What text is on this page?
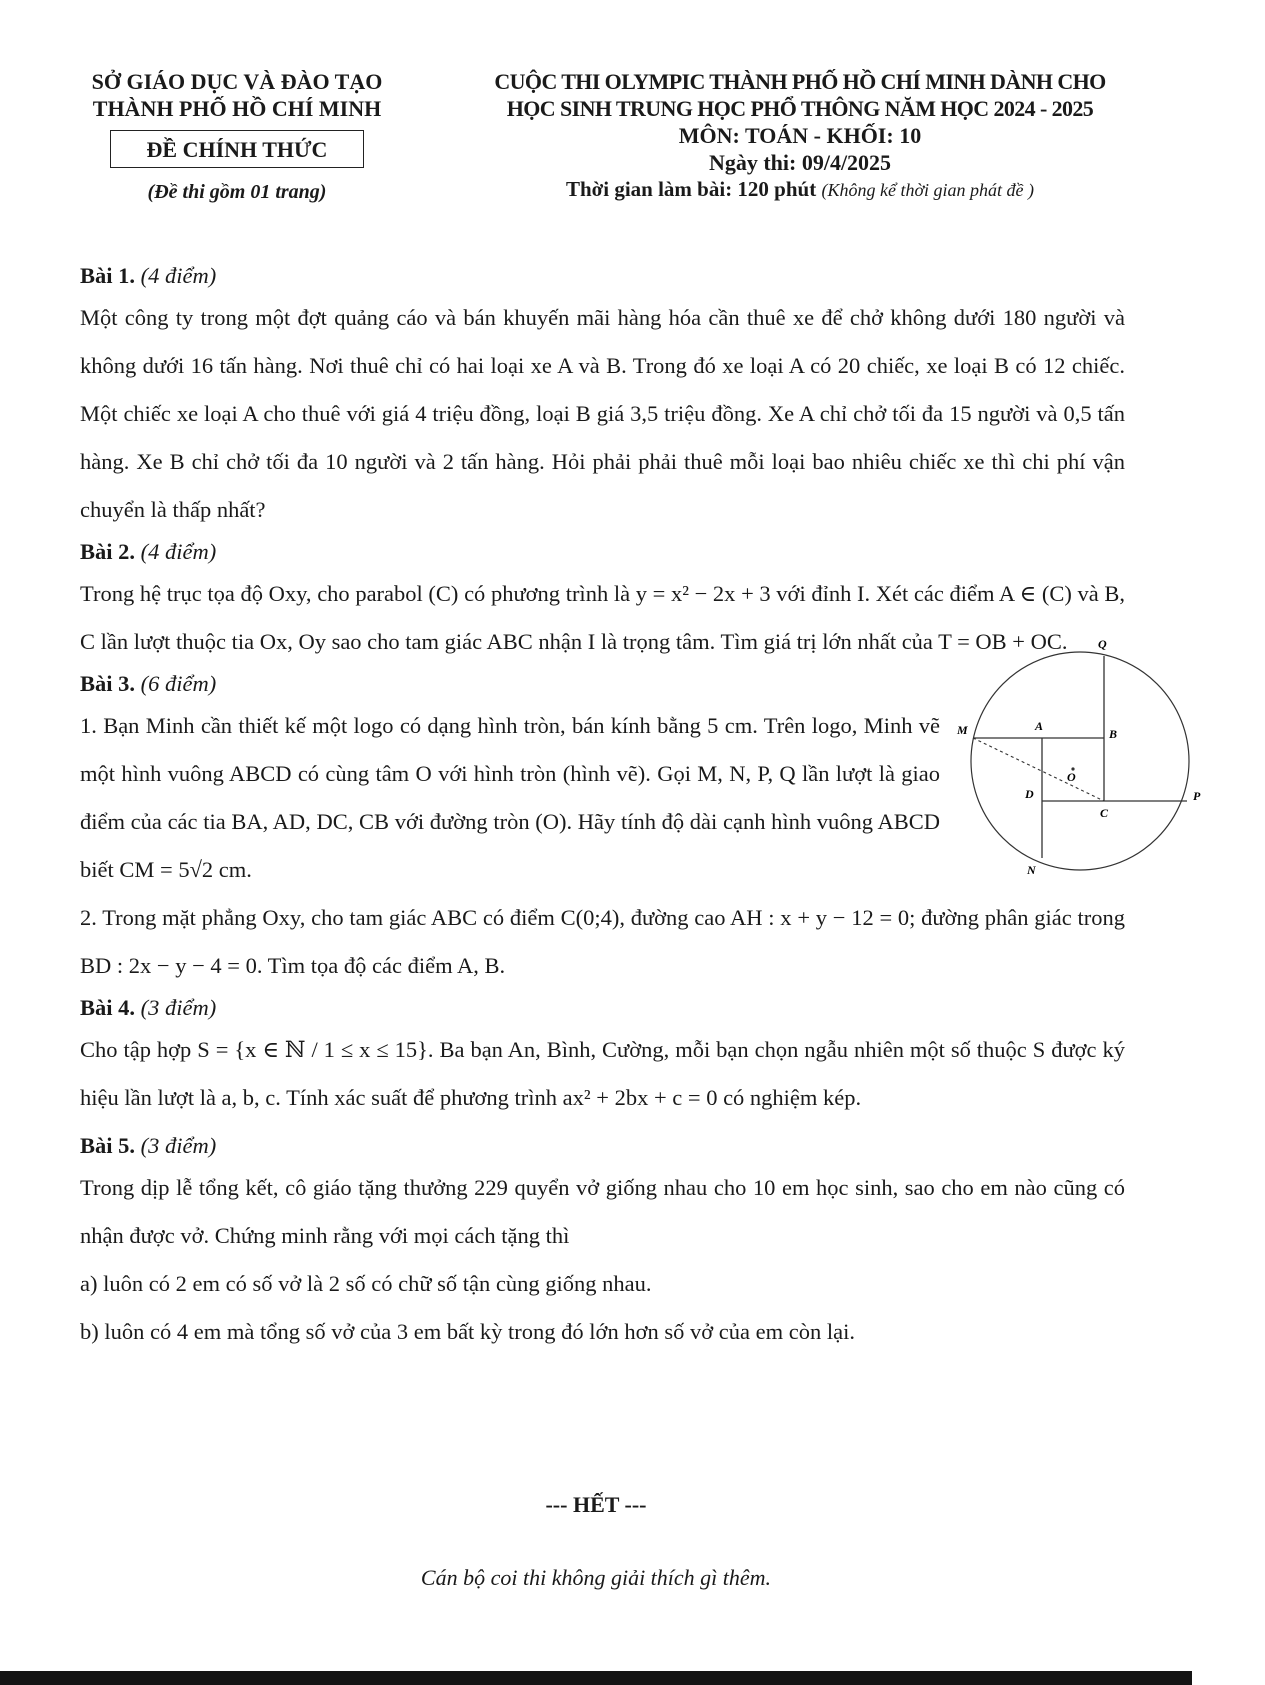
SỞ GIÁO DỤC VÀ ĐÀO TẠO
THÀNH PHỐ HỒ CHÍ MINH
ĐỀ CHÍNH THỨC
(Đề thi gồm 01 trang)
CUỘC THI OLYMPIC THÀNH PHỐ HỒ CHÍ MINH DÀNH CHO
HỌC SINH TRUNG HỌC PHỔ THÔNG NĂM HỌC 2024 - 2025
MÔN: TOÁN - KHỐI: 10
Ngày thi: 09/4/2025
Thời gian làm bài: 120 phút (Không kể thời gian phát đề )

Bài 1. (4 điểm)

Một công ty trong một đợt quảng cáo và bán khuyến mãi hàng hóa cần thuê xe để chở không dưới 180 người và không dưới 16 tấn hàng. Nơi thuê chỉ có hai loại xe A và B. Trong đó xe loại A có 20 chiếc, xe loại B có 12 chiếc. Một chiếc xe loại A cho thuê với giá 4 triệu đồng, loại B giá 3,5 triệu đồng. Xe A chỉ chở tối đa 15 người và 0,5 tấn hàng. Xe B chỉ chở tối đa 10 người và 2 tấn hàng. Hỏi phải phải thuê mỗi loại bao nhiêu chiếc xe thì chi phí vận chuyển là thấp nhất?

Bài 2. (4 điểm)

Trong hệ trục tọa độ Oxy, cho parabol (C) có phương trình là y = x² − 2x + 3 với đỉnh I. Xét các điểm A ∈ (C) và B, C lần lượt thuộc tia Ox, Oy sao cho tam giác ABC nhận I là trọng tâm. Tìm giá trị lớn nhất của T = OB + OC.

Bài 3. (6 điểm)

1. Bạn Minh cần thiết kế một logo có dạng hình tròn, bán kính bằng 5 cm. Trên logo, Minh vẽ một hình vuông ABCD có cùng tâm O với hình tròn (hình vẽ). Gọi M, N, P, Q lần lượt là giao điểm của các tia BA, AD, DC, CB với đường tròn (O). Hãy tính độ dài cạnh hình vuông ABCD biết CM = 5√2 cm.

Q
M	A
B
O
D
C
P
N

2. Trong mặt phẳng Oxy, cho tam giác ABC có điểm C(0;4), đường cao AH : x + y − 12 = 0; đường phân giác trong BD : 2x − y − 4 = 0. Tìm tọa độ các điểm A, B.

Bài 4. (3 điểm)

Cho tập hợp S = {x ∈ ℕ / 1 ≤ x ≤ 15}. Ba bạn An, Bình, Cường, mỗi bạn chọn ngẫu nhiên một số thuộc S được ký hiệu lần lượt là a, b, c. Tính xác suất để phương trình ax² + 2bx + c = 0 có nghiệm kép.

Bài 5. (3 điểm)

Trong dịp lễ tổng kết, cô giáo tặng thưởng 229 quyển vở giống nhau cho 10 em học sinh, sao cho em nào cũng có nhận được vở. Chứng minh rằng với mọi cách tặng thì

a) luôn có 2 em có số vở là 2 số có chữ số tận cùng giống nhau.

b) luôn có 4 em mà tổng số vở của 3 em bất kỳ trong đó lớn hơn số vở của em còn lại.

--- HẾT ---
Cán bộ coi thi không giải thích gì thêm.
